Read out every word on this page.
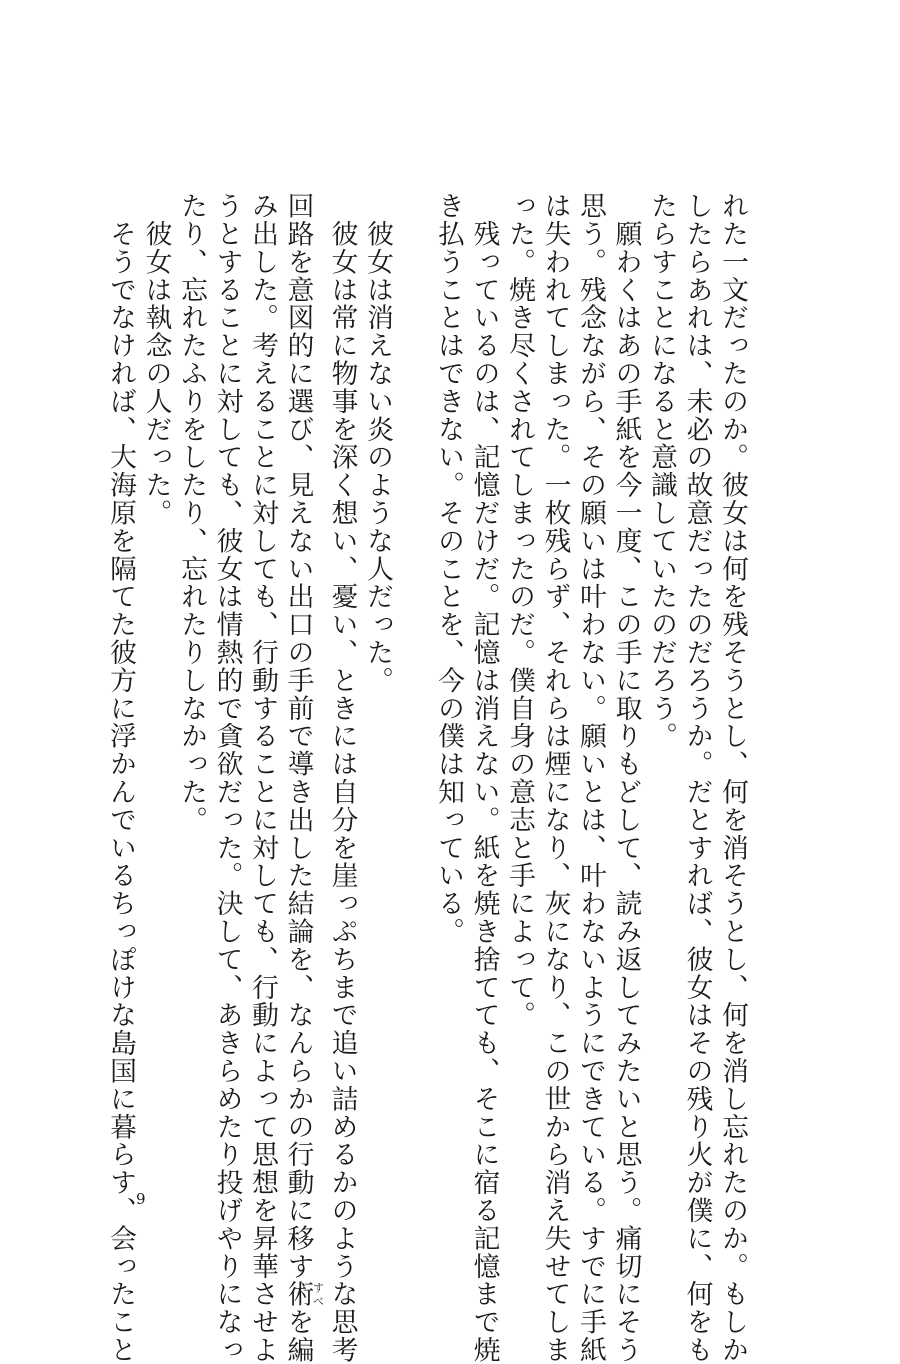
れた一文だったのか。彼女は何を残そうとし、何を消そうとし、何を消し忘れたのか。もしか
したらあれは、未必の故意だったのだろうか。だとすれば、彼女はその残り火が僕に、何をも
たらすことになると意識していたのだろう。
　願わくはあの手紙を今一度、この手に取りもどして、読み返してみたいと思う。痛切にそう
思う。残念ながら、その願いは叶わない。願いとは、叶わないようにできている。すでに手紙
は失われてしまった。一枚残らず、それらは煙になり、灰になり、この世から消え失せてしま
った。焼き尽くされてしまったのだ。僕自身の意志と手によって。
　残っているのは、記憶だけだ。記憶は消えない。紙を焼き捨てても、そこに宿る記憶まで焼
き払うことはできない。そのことを、今の僕は知っている。
　彼女は消えない炎のような人だった。
　彼女は常に物事を深く想い、憂い、ときには自分を崖っぷちまで追い詰めるかのような思考
回路を意図的に選び、見えない出口の手前で導き出した結論を、なんらかの行動に移す術すべを編
み出した。考えることに対しても、行動することに対しても、行動によって思想を昇華させよ
うとすることに対しても、彼女は情熱的で貪欲だった。決して、あきらめたり投げやりになっ
たり、忘れたふりをしたり、忘れたりしなかった。
　彼女は執念の人だった。
　そうでなければ、大海原を隔てた彼方に浮かんでいるちっぽけな島国に暮らす、会ったこと 9
